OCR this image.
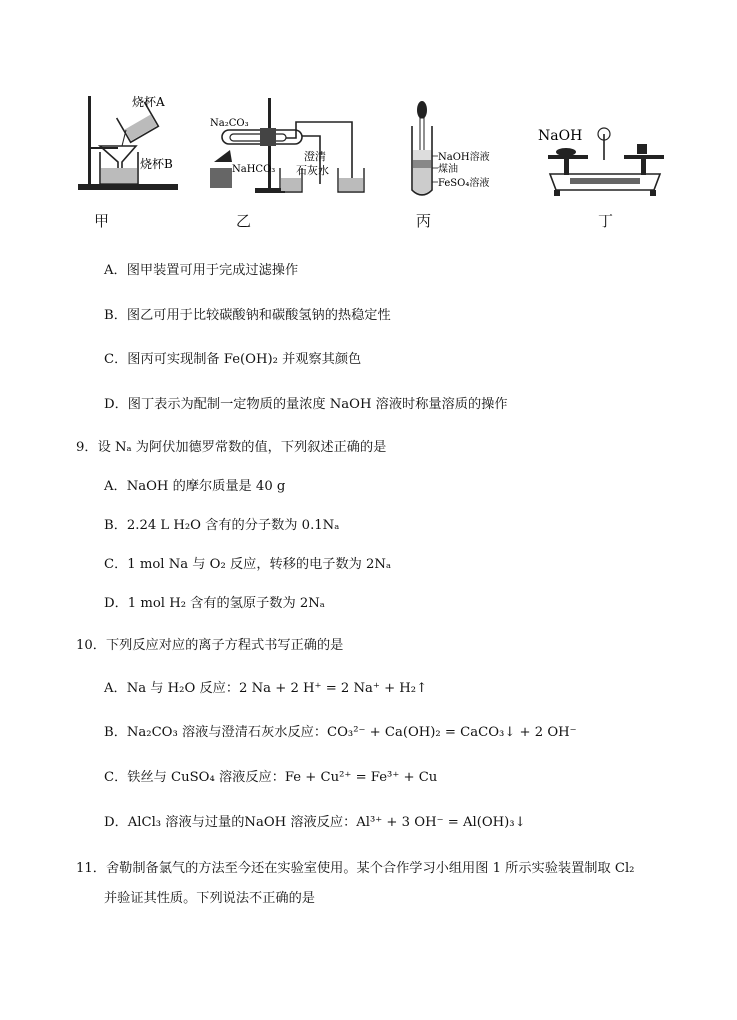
烧杯A
烧杯B
甲
Na₂CO₃
NaHCO₃
澄清
石灰水
乙
NaOH溶液
煤油
FeSO₄溶液
丙
NaOH
丁
A．图甲装置可用于完成过滤操作
B．图乙可用于比较碳酸钠和碳酸氢钠的热稳定性
C．图丙可实现制备 Fe(OH)₂ 并观察其颜色
D．图丁表示为配制一定物质的量浓度 NaOH 溶液时称量溶质的操作
9．设 Nₐ 为阿伏加德罗常数的值，下列叙述正确的是
A．NaOH 的摩尔质量是 40 g
B．2.24 L H₂O 含有的分子数为 0.1Nₐ
C．1 mol Na 与 O₂ 反应，转移的电子数为 2Nₐ
D．1 mol H₂ 含有的氢原子数为 2Nₐ
10．下列反应对应的离子方程式书写正确的是
A．Na 与 H₂O 反应：2 Na + 2 H⁺ = 2 Na⁺ + H₂↑
B．Na₂CO₃ 溶液与澄清石灰水反应：CO₃²⁻ + Ca(OH)₂ = CaCO₃↓ + 2 OH⁻
C．铁丝与 CuSO₄ 溶液反应：Fe + Cu²⁺ = Fe³⁺ + Cu
D．AlCl₃ 溶液与过量的NaOH 溶液反应：Al³⁺ + 3 OH⁻ = Al(OH)₃↓
11．舍勒制备氯气的方法至今还在实验室使用。某个合作学习小组用图 1 所示实验装置制取 Cl₂
并验证其性质。下列说法不正确的是
